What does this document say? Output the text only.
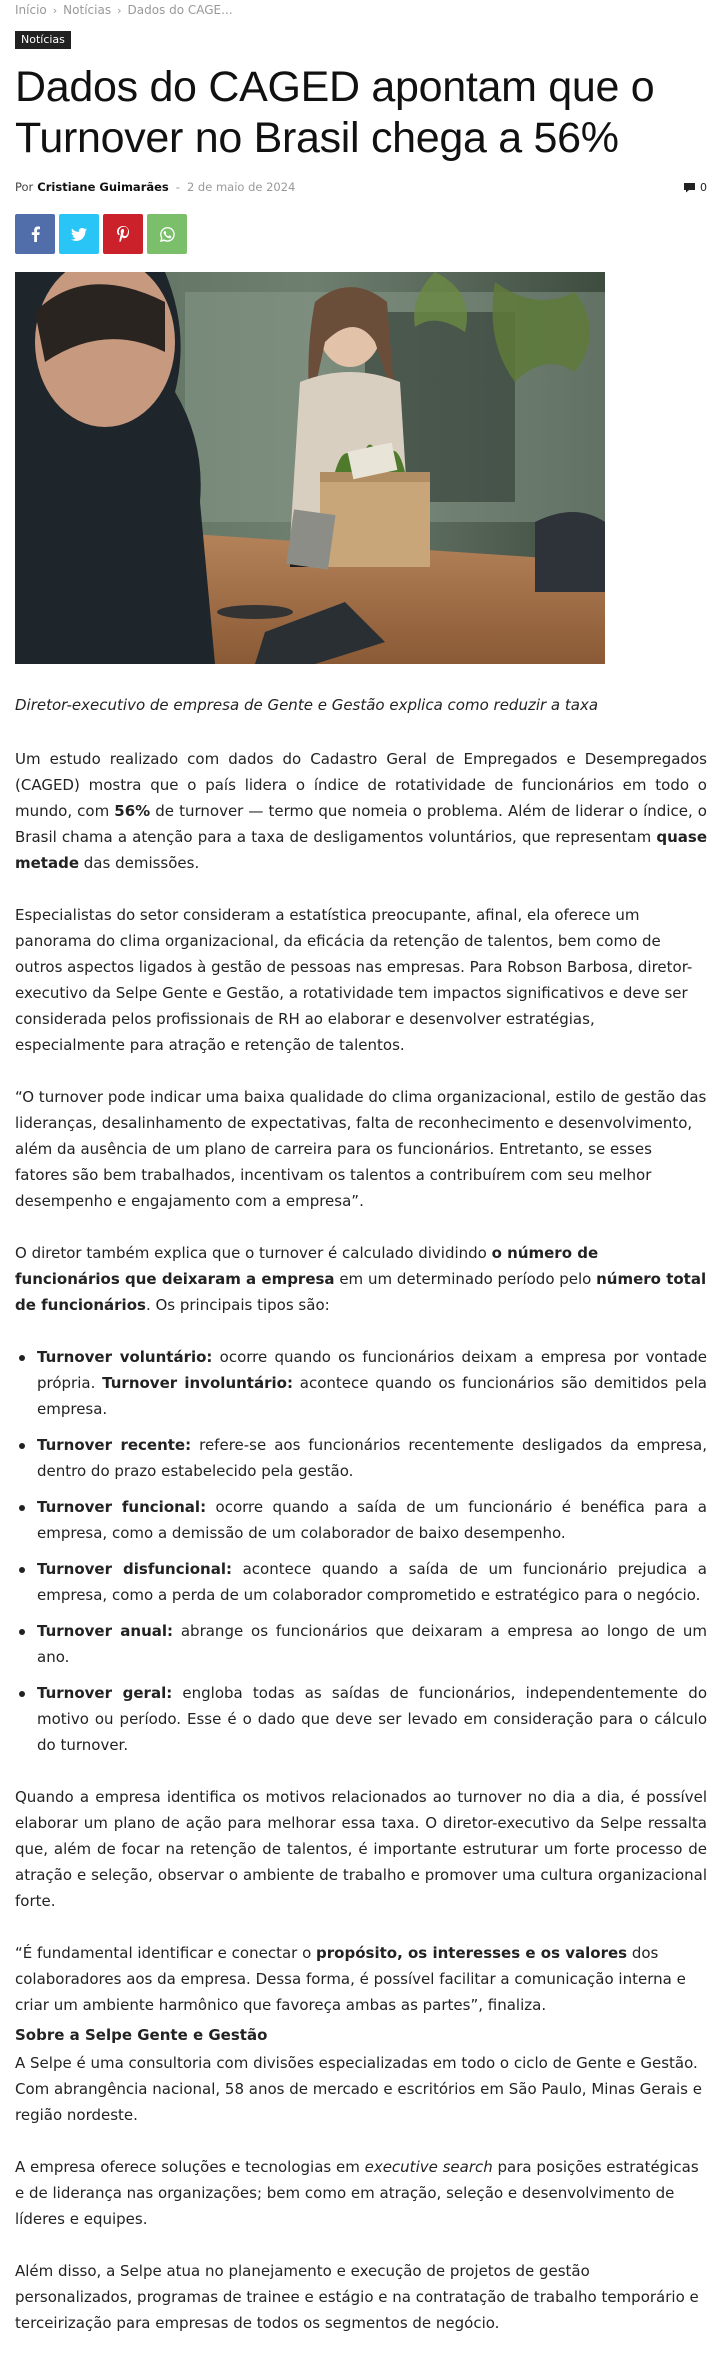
Início › Notícias › Dados do CAGE...
Notícias
Dados do CAGED apontam que o Turnover no Brasil chega a 56%
Por Cristiane Guimarães - 2 de maio de 2024	0

Diretor-executivo de empresa de Gente e Gestão explica como reduzir a taxa

Um estudo realizado com dados do Cadastro Geral de Empregados e Desempregados (CAGED) mostra que o país lidera o índice de rotatividade de funcionários em todo o mundo, com 56% de turnover — termo que nomeia o problema. Além de liderar o índice, o Brasil chama a atenção para a taxa de desligamentos voluntários, que representam quase metade das demissões.

Especialistas do setor consideram a estatística preocupante, afinal, ela oferece um panorama do clima organizacional, da eficácia da retenção de talentos, bem como de outros aspectos ligados à gestão de pessoas nas empresas. Para Robson Barbosa, diretor-executivo da Selpe Gente e Gestão, a rotatividade tem impactos significativos e deve ser considerada pelos profissionais de RH ao elaborar e desenvolver estratégias, especialmente para atração e retenção de talentos.

“O turnover pode indicar uma baixa qualidade do clima organizacional, estilo de gestão das lideranças, desalinhamento de expectativas, falta de reconhecimento e desenvolvimento, além da ausência de um plano de carreira para os funcionários. Entretanto, se esses fatores são bem trabalhados, incentivam os talentos a contribuírem com seu melhor desempenho e engajamento com a empresa”.

O diretor também explica que o turnover é calculado dividindo o número de funcionários que deixaram a empresa em um determinado período pelo número total de funcionários. Os principais tipos são:

Turnover voluntário: ocorre quando os funcionários deixam a empresa por vontade própria. Turnover involuntário: acontece quando os funcionários são demitidos pela empresa.
Turnover recente: refere-se aos funcionários recentemente desligados da empresa, dentro do prazo estabelecido pela gestão.
Turnover funcional: ocorre quando a saída de um funcionário é benéfica para a empresa, como a demissão de um colaborador de baixo desempenho.
Turnover disfuncional: acontece quando a saída de um funcionário prejudica a empresa, como a perda de um colaborador comprometido e estratégico para o negócio.
Turnover anual: abrange os funcionários que deixaram a empresa ao longo de um ano.
Turnover geral: engloba todas as saídas de funcionários, independentemente do motivo ou período. Esse é o dado que deve ser levado em consideração para o cálculo do turnover.

Quando a empresa identifica os motivos relacionados ao turnover no dia a dia, é possível elaborar um plano de ação para melhorar essa taxa. O diretor-executivo da Selpe ressalta que, além de focar na retenção de talentos, é importante estruturar um forte processo de atração e seleção, observar o ambiente de trabalho e promover uma cultura organizacional forte.

“É fundamental identificar e conectar o propósito, os interesses e os valores dos colaboradores aos da empresa. Dessa forma, é possível facilitar a comunicação interna e criar um ambiente harmônico que favoreça ambas as partes”, finaliza.

Sobre a Selpe Gente e Gestão

A Selpe é uma consultoria com divisões especializadas em todo o ciclo de Gente e Gestão. Com abrangência nacional, 58 anos de mercado e escritórios em São Paulo, Minas Gerais e região nordeste.

A empresa oferece soluções e tecnologias em executive search para posições estratégicas e de liderança nas organizações; bem como em atração, seleção e desenvolvimento de líderes e equipes.

Além disso, a Selpe atua no planejamento e execução de projetos de gestão personalizados, programas de trainee e estágio e na contratação de trabalho temporário e terceirização para empresas de todos os segmentos de negócio.
